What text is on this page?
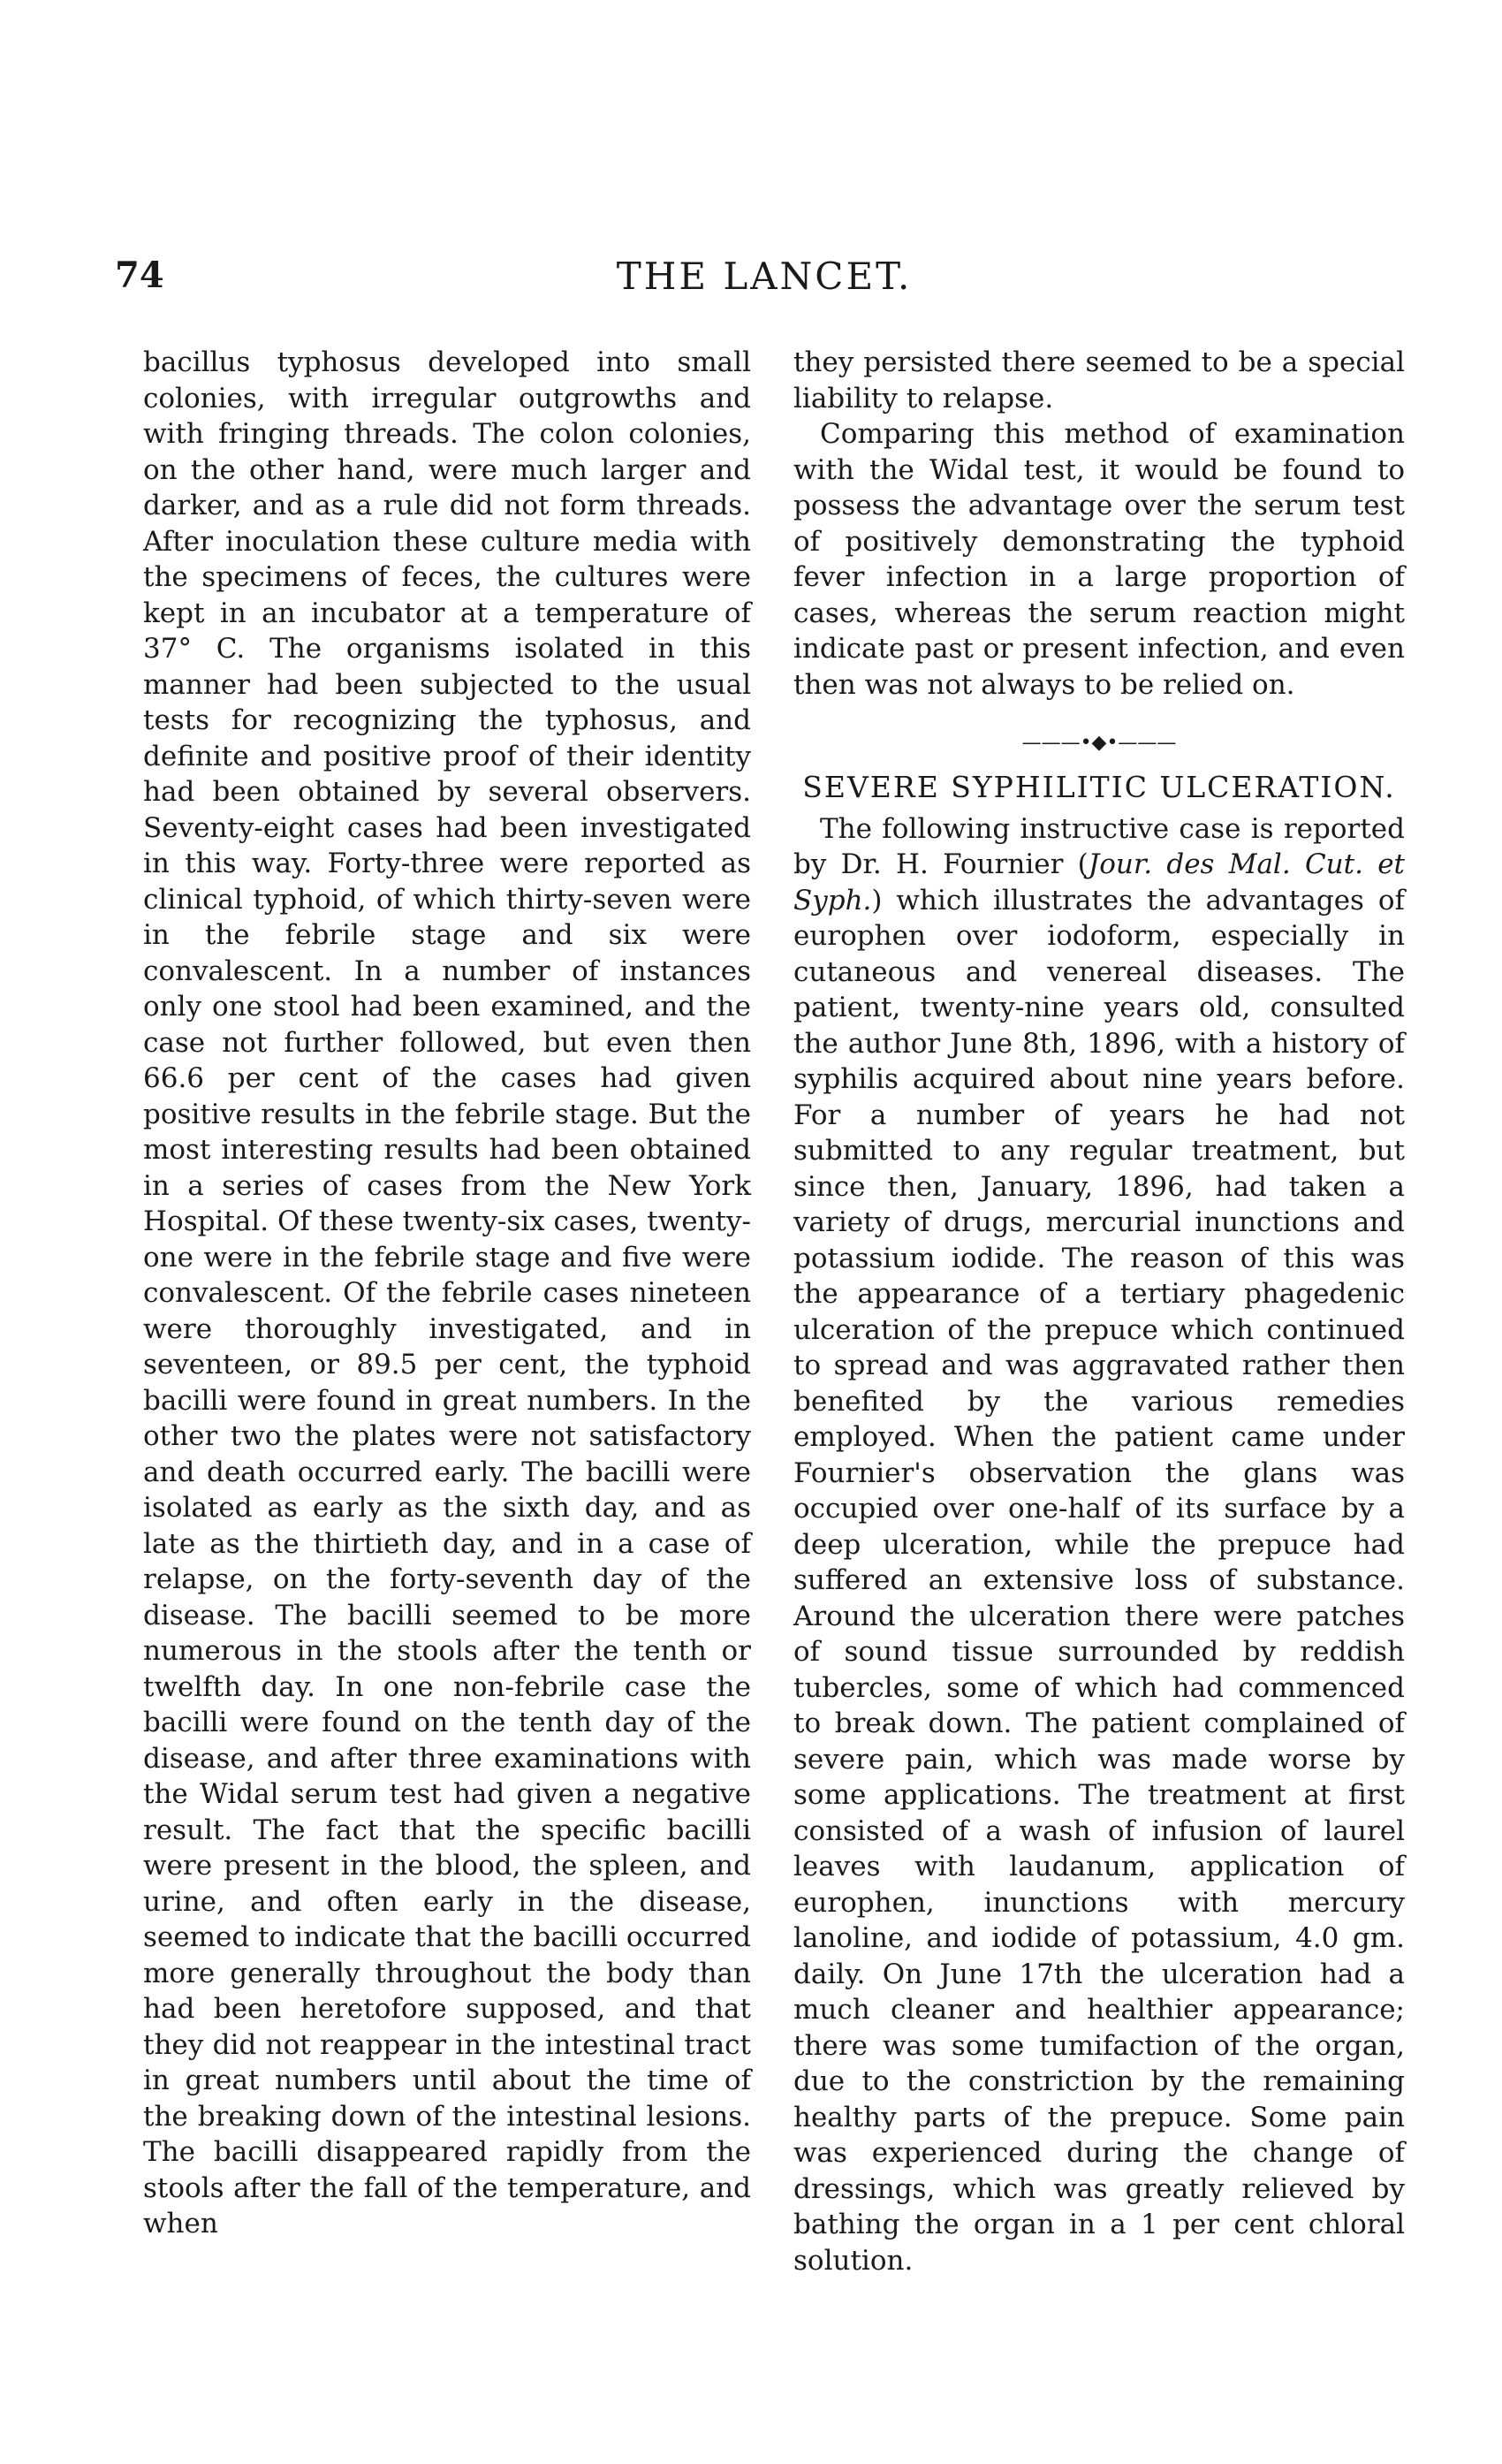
74	THE LANCET.

bacillus typhosus developed into small colonies, with irregular outgrowths and with fringing threads. The colon colonies, on the other hand, were much larger and darker, and as a rule did not form threads. After inoculation these culture media with the specimens of feces, the cultures were kept in an incubator at a temperature of 37° C. The organisms isolated in this manner had been subjected to the usual tests for recognizing the typhosus, and definite and positive proof of their identity had been obtained by several observers. Seventy-eight cases had been investigated in this way. Forty-three were reported as clinical typhoid, of which thirty-seven were in the febrile stage and six were convalescent. In a number of instances only one stool had been examined, and the case not further followed, but even then 66.6 per cent of the cases had given positive results in the febrile stage. But the most interesting results had been obtained in a series of cases from the New York Hospital. Of these twenty-six cases, twenty-one were in the febrile stage and five were convalescent. Of the febrile cases nineteen were thoroughly investigated, and in seventeen, or 89.5 per cent, the typhoid bacilli were found in great numbers. In the other two the plates were not satisfactory and death occurred early. The bacilli were isolated as early as the sixth day, and as late as the thirtieth day, and in a case of relapse, on the forty-seventh day of the disease. The bacilli seemed to be more numerous in the stools after the tenth or twelfth day. In one non-febrile case the bacilli were found on the tenth day of the disease, and after three examinations with the Widal serum test had given a negative result. The fact that the specific bacilli were present in the blood, the spleen, and urine, and often early in the disease, seemed to indicate that the bacilli occurred more generally throughout the body than had been heretofore supposed, and that they did not reappear in the intestinal tract in great numbers until about the time of the breaking down of the intestinal lesions. The bacilli disappeared rapidly from the stools after the fall of the temperature, and when

they persisted there seemed to be a special liability to relapse.

Comparing this method of examination with the Widal test, it would be found to possess the advantage over the serum test of positively demonstrating the typhoid fever infection in a large proportion of cases, whereas the serum reaction might indicate past or present infection, and even then was not always to be relied on.

———•◆•———
SEVERE SYPHILITIC ULCERATION.

The following instructive case is reported by Dr. H. Fournier (Jour. des Mal. Cut. et Syph.) which illustrates the advantages of europhen over iodoform, especially in cutaneous and venereal diseases. The patient, twenty-nine years old, consulted the author June 8th, 1896, with a history of syphilis acquired about nine years before. For a number of years he had not submitted to any regular treatment, but since then, January, 1896, had taken a variety of drugs, mercurial inunctions and potassium iodide. The reason of this was the appearance of a tertiary phagedenic ulceration of the prepuce which continued to spread and was aggravated rather then benefited by the various remedies employed. When the patient came under Fournier's observation the glans was occupied over one-half of its surface by a deep ulceration, while the prepuce had suffered an extensive loss of substance. Around the ulceration there were patches of sound tissue surrounded by reddish tubercles, some of which had commenced to break down. The patient complained of severe pain, which was made worse by some applications. The treatment at first consisted of a wash of infusion of laurel leaves with laudanum, application of europhen, inunctions with mercury lanoline, and iodide of potassium, 4.0 gm. daily. On June 17th the ulceration had a much cleaner and healthier appearance; there was some tumifaction of the organ, due to the constriction by the remaining healthy parts of the prepuce. Some pain was experienced during the change of dressings, which was greatly relieved by bathing the organ in a 1 per cent chloral solution.
